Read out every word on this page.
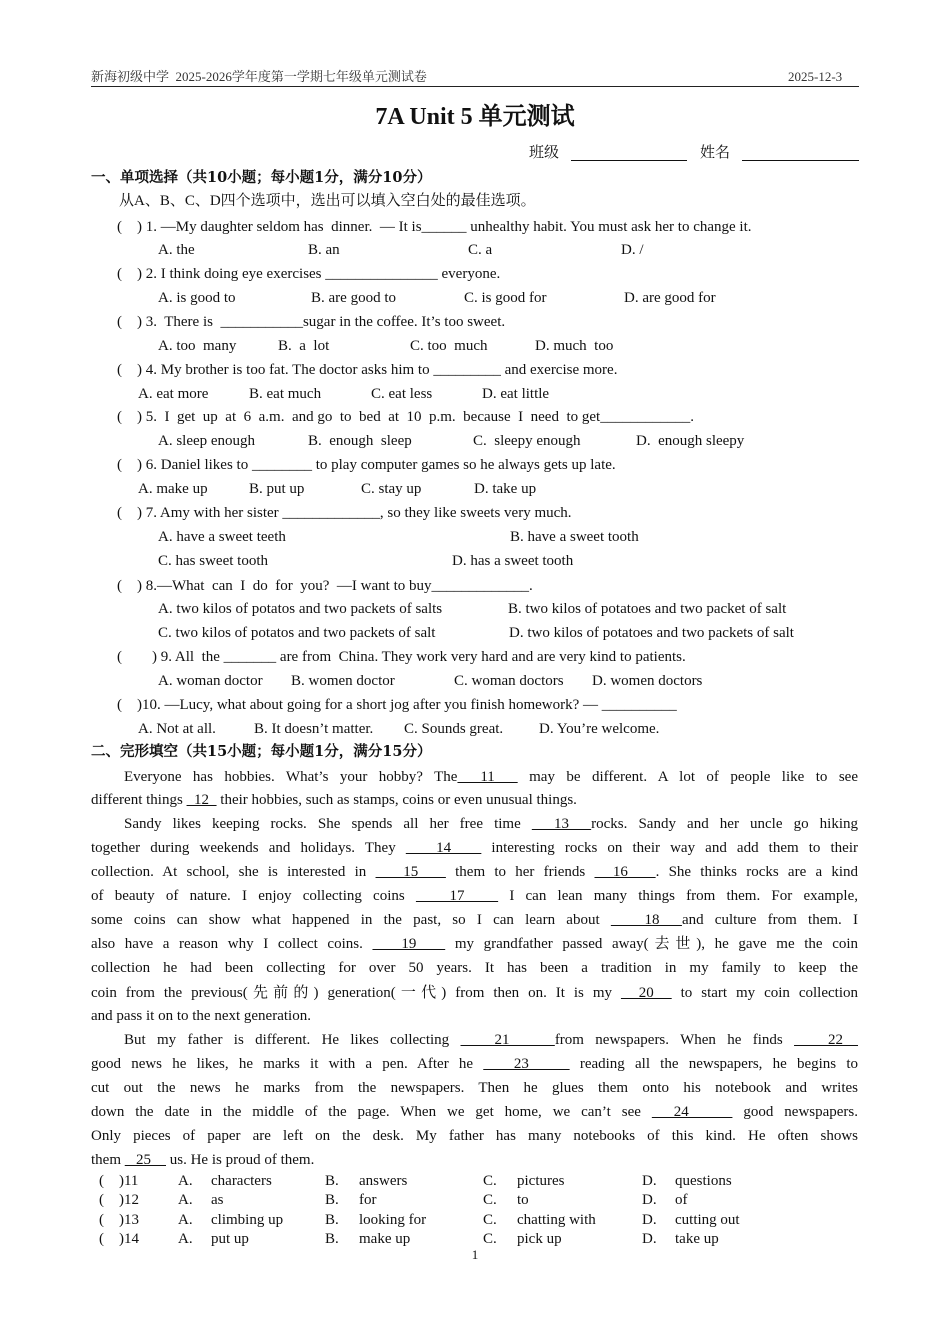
新海初级中学  2025-2026学年度第一学期七年级单元测试卷	2025-12-3
7A Unit 5 单元测试
班级	姓名
一、单项选择（共10小题；每小题1分，满分10分）
从A、B、C、D四个选项中，选出可以填入空白处的最佳选项。
(    ) 1. —My daughter seldom has  dinner.  — It is______ unhealthy habit. You must ask her to change it.
A. the	B. an	C. a	D. /
(    ) 2. I think doing eye exercises _______________ everyone.
A. is good to	B. are good to	C. is good for	D. are good for
(    ) 3.  There is  ___________sugar in the coffee. It’s too sweet.
A. too  many	B.  a  lot	C. too  much	D. much  too
(    ) 4. My brother is too fat. The doctor asks him to _________ and exercise more.
A. eat more	B. eat much	C. eat less	D. eat little
(    ) 5.  I  get  up  at  6  a.m.  and go  to  bed  at  10  p.m.  because  I  need  to get____________.
A. sleep enough	B.  enough  sleep	C.  sleepy enough	D.  enough sleepy
(    ) 6. Daniel likes to ________ to play computer games so he always gets up late.
A. make up	B. put up	C. stay up	D. take up
(    ) 7. Amy with her sister _____________, so they like sweets very much.
A. have a sweet teeth	B. have a sweet tooth
C. has sweet tooth	D. has a sweet tooth
(    ) 8.—What  can  I  do  for  you?  —I want to buy_____________.
A. two kilos of potatos and two packets of salts	B. two kilos of potatoes and two packet of salt
C. two kilos of potatos and two packets of salt	D. two kilos of potatoes and two packets of salt
(        ) 9. All  the _______ are from  China. They work very hard and are very kind to patients.
A. woman doctor B. women doctor	C. woman doctors D. women doctors
(    )10. —Lucy, what about going for a short jog after you finish homework? — __________
A. Not at all.	B. It doesn’t matter. C. Sounds great. D. You’re welcome.
二、完形填空（共15小题；每小题1分，满分15分）
Everyone has hobbies. What’s your hobby? The  11   may be different. A lot of people like to see
different things   12   their hobbies, such as stamps, coins or even unusual things.
Sandy likes keeping rocks. She spends all her free time   13  rocks. Sandy and her uncle go hiking
together during weekends and holidays. They    14    interesting rocks on their way and add them to their
collection. At school, she is interested in    15    them to her friends   16   . She thinks rocks are a kind
of beauty of nature. I enjoy collecting coins    17    I can lean many things from them. For example,
some coins can show what happened in the past, so I can learn about    18  and culture from them. I
also have a reason why I collect coins.    19    my grandfather passed away(去世), he gave me the coin
collection he had been collecting for over 50 years. It has been a tradition in my family to keep the
coin from the previous(先前的) generation(一代) from then on. It is my   20   to start my coin collection
and pass it on to the next generation.
But my father is different. He likes collecting    21    from newspapers. When he finds    22
good news he likes, he marks it with a pen. After he    23     reading all the newspapers, he begins to
cut out the news he marks from the newspapers. Then he glues them onto his notebook and writes
down the date in the middle of the page. When we get home, we can’t see   24     good newspapers.
Only pieces of paper are left on the desk. My father has many notebooks of this kind. He often shows
them    25     us. He is proud of them.
(    )11	A. characters	B. answers	C. pictures	D. questions
(    )12	A. as	B. for	C. to	D. of
(    )13	A. climbing up	B. looking for	C. chatting with	D. cutting out
(    )14	A. put up	B. make up	C. pick up	D. take up
1
